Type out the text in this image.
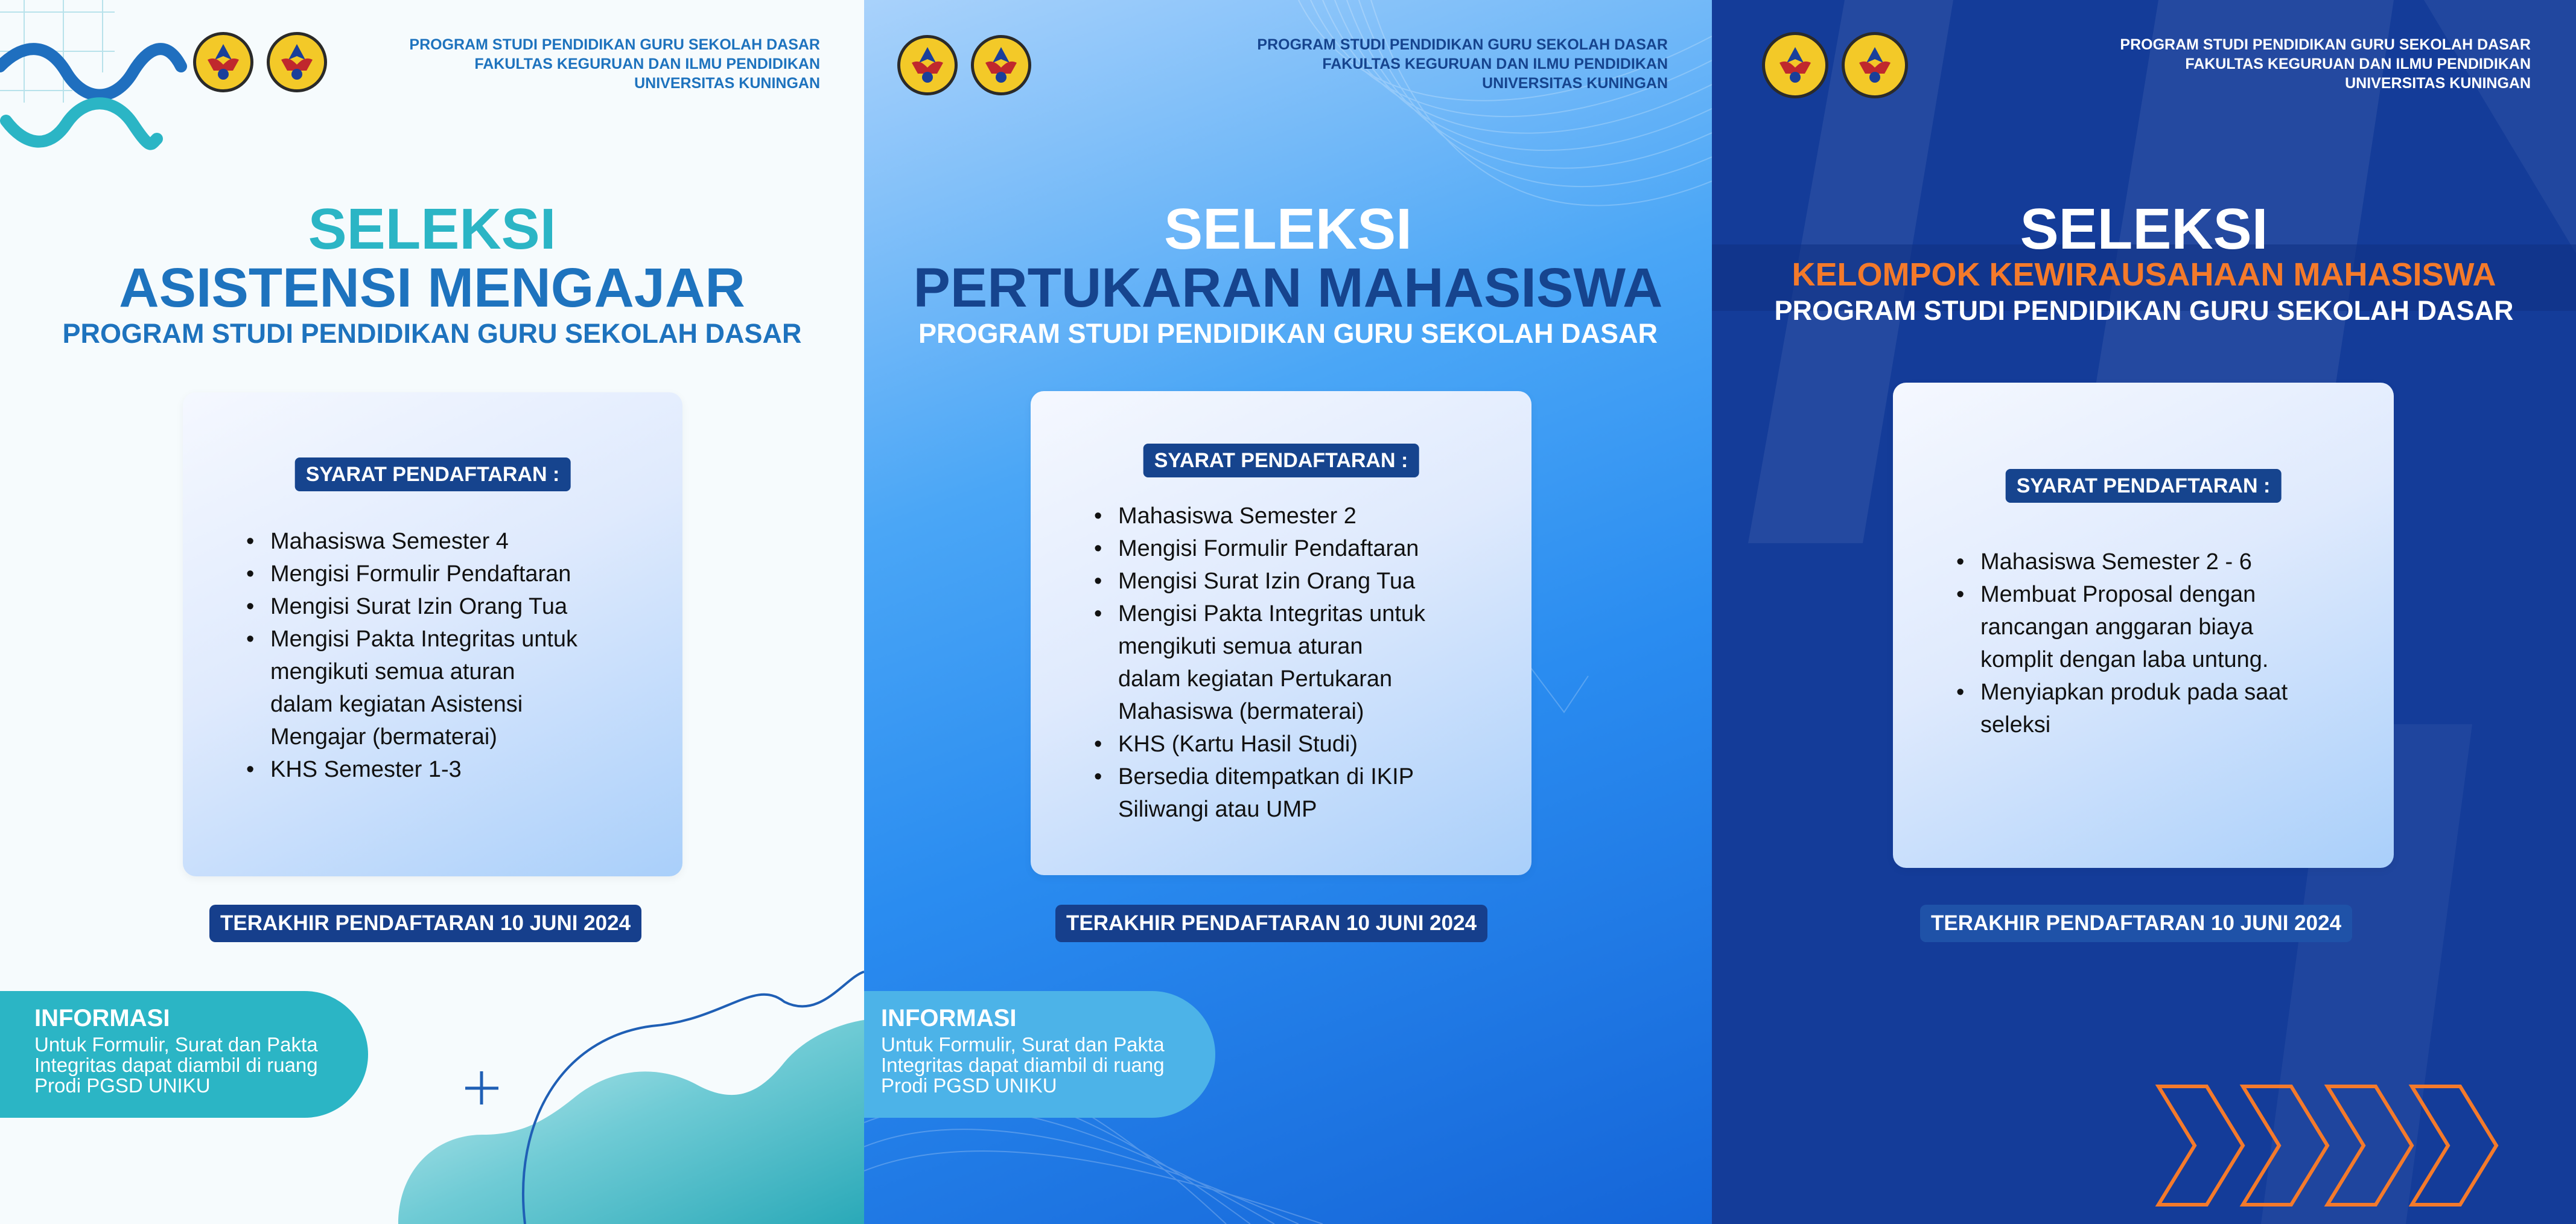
PROGRAM STUDI PENDIDIKAN GURU SEKOLAH DASAR
FAKULTAS KEGURUAN DAN ILMU PENDIDIKAN
UNIVERSITAS KUNINGAN
SELEKSI
ASISTENSI MENGAJAR
PROGRAM STUDI PENDIDIKAN GURU SEKOLAH DASAR
SYARAT PENDAFTARAN :
• Mahasiswa Semester 4
• Mengisi Formulir Pendaftaran
• Mengisi Surat Izin Orang Tua
• Mengisi Pakta Integritas untuk
mengikuti semua aturan
dalam kegiatan Asistensi
Mengajar (bermaterai)
• KHS Semester 1-3
TERAKHIR PENDAFTARAN 10 JUNI 2024
INFORMASI
Untuk Formulir, Surat dan Pakta
Integritas dapat diambil di ruang
Prodi PGSD UNIKU
PROGRAM STUDI PENDIDIKAN GURU SEKOLAH DASAR
FAKULTAS KEGURUAN DAN ILMU PENDIDIKAN
UNIVERSITAS KUNINGAN
SELEKSI
PERTUKARAN MAHASISWA
PROGRAM STUDI PENDIDIKAN GURU SEKOLAH DASAR
SYARAT PENDAFTARAN :
• Mahasiswa Semester 2
• Mengisi Formulir Pendaftaran
• Mengisi Surat Izin Orang Tua
• Mengisi Pakta Integritas untuk
mengikuti semua aturan
dalam kegiatan Pertukaran
Mahasiswa (bermaterai)
• KHS (Kartu Hasil Studi)
• Bersedia ditempatkan di IKIP
Siliwangi atau UMP
TERAKHIR PENDAFTARAN 10 JUNI 2024
INFORMASI
Untuk Formulir, Surat dan Pakta
Integritas dapat diambil di ruang
Prodi PGSD UNIKU
PROGRAM STUDI PENDIDIKAN GURU SEKOLAH DASAR
FAKULTAS KEGURUAN DAN ILMU PENDIDIKAN
UNIVERSITAS KUNINGAN
SELEKSI
KELOMPOK KEWIRAUSAHAAN MAHASISWA
PROGRAM STUDI PENDIDIKAN GURU SEKOLAH DASAR
SYARAT PENDAFTARAN :
• Mahasiswa Semester 2 - 6
• Membuat Proposal dengan
rancangan anggaran biaya
komplit dengan laba untung.
• Menyiapkan produk pada saat
seleksi
TERAKHIR PENDAFTARAN 10 JUNI 2024
